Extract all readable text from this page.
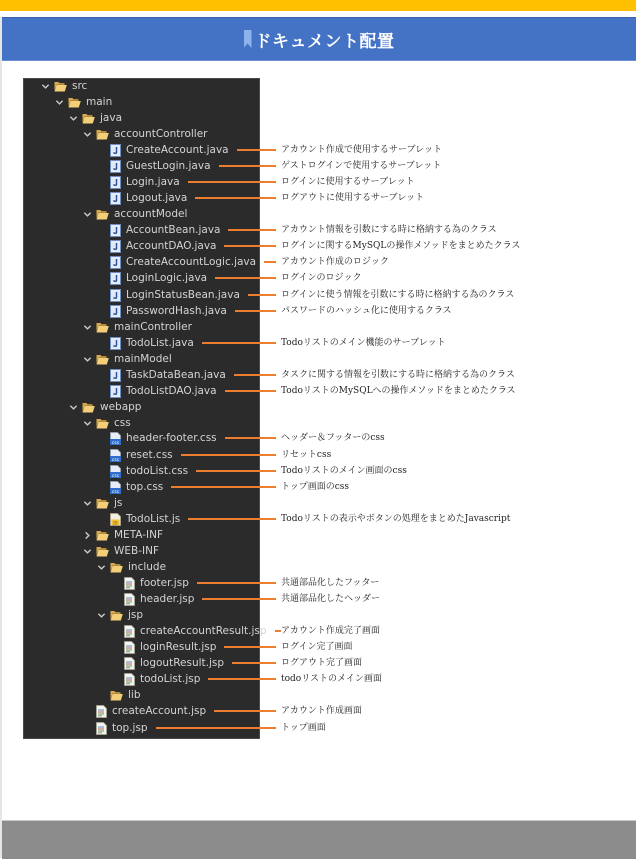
ドキュメント配置
src
main
java
accountController
CreateAccount.java
GuestLogin.java
Login.java
Logout.java
accountModel
AccountBean.java
AccountDAO.java
CreateAccountLogic.java
LoginLogic.java
LoginStatusBean.java
PasswordHash.java
mainController
TodoList.java
mainModel
TaskDataBean.java
TodoListDAO.java
webapp
css
css header-footer.css
css reset.css
css todoList.css
css top.css
js
JS TodoList.js
META-INF
WEB-INF
include
footer.jsp
header.jsp
jsp
createAccountResult.jsp
loginResult.jsp
logoutResult.jsp
todoList.jsp
lib
createAccount.jsp
top.jsp
アカウント作成で使用するサーブレット
ゲストログインで使用するサーブレット
ログインに使用するサーブレット
ログアウトに使用するサーブレット
アカウント情報を引数にする時に格納する為のクラス
ログインに関するMySQLの操作メソッドをまとめたクラス
アカウント作成のロジック
ログインのロジック
ログインに使う情報を引数にする時に格納する為のクラス
パスワードのハッシュ化に使用するクラス
Todoリストのメイン機能のサーブレット
タスクに関する情報を引数にする時に格納する為のクラス
TodoリストのMySQLへの操作メソッドをまとめたクラス
ヘッダー＆フッターのcss
リセットcss
Todoリストのメイン画面のcss
トップ画面のcss
Todoリストの表示やボタンの処理をまとめたJavascript
共通部品化したフッター
共通部品化したヘッダー
アカウント作成完了画面
ログイン完了画面
ログアウト完了画面
todoリストのメイン画面
アカウント作成画面
トップ画面
